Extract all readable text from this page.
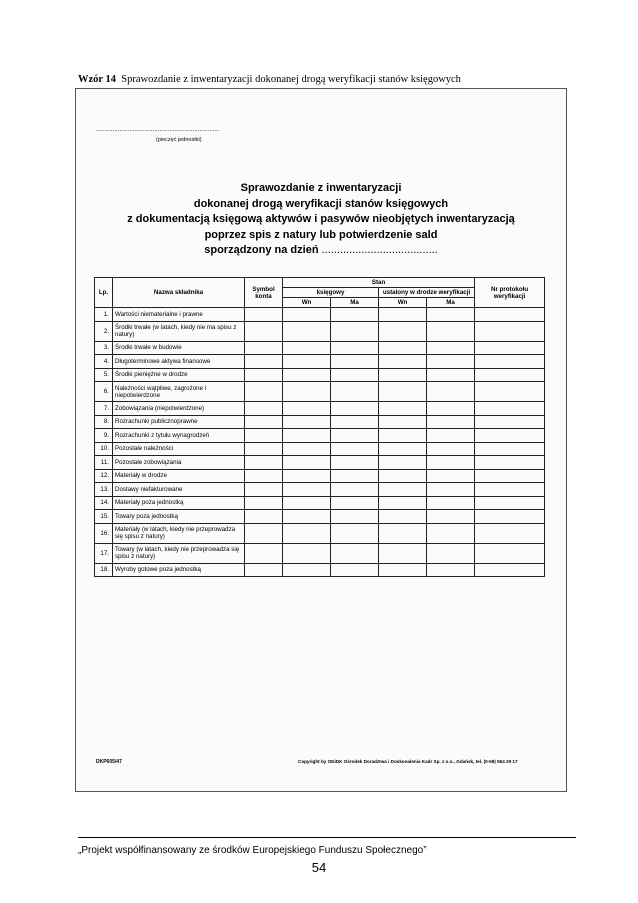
Wzór 14 Sprawozdanie z inwentaryzacji dokonanej drogą weryfikacji stanów księgowych
..........................................................................
(pieczęć jednostki)
Sprawozdanie z inwentaryzacji
dokonanej drogą weryfikacji stanów księgowych
z dokumentacją księgową aktywów i pasywów nieobjętych inwentaryzacją
poprzez spis z natury lub potwierdzenie sald
sporządzony na dzień ......................................
Lp.	Nazwa składnika	Symbol konta	Stan				Nr protokołu weryfikacji
			księgowy		ustalony w drodze weryfikacji		
			Wn	Ma	Wn	Ma	
1.	Wartości niematerialne i prawne						
2.	Środki trwałe (w latach, kiedy nie ma spisu z natury)						
3.	Środki trwałe w budowie						
4.	Długoterminowe aktywa finansowe						
5.	Środki pieniężne w drodze						
6.	Należności wątpliwe, zagrożone i niepotwierdzone						
7.	Zobowiązania (niepotwierdzone)						
8.	Rozrachunki publicznoprawne						
9.	Rozrachunki z tytułu wynagrodzeń						
10.	Pozostałe należności						
11.	Pozostałe zobowiązania						
12.	Materiały w drodze						
13.	Dostawy niefakturowane						
14.	Materiały poza jednostką						
15.	Towary poza jednostką						
16.	Materiały (w latach, kiedy nie przeprowadza się spisu z natury)						
17.	Towary (w latach, kiedy nie przeprowadza się spisu z natury)						
18.	Wyroby gotowe poza jednostką						
DKP605/47	Copyright by ODiDK Ośrodek Doradztwa i Doskonalenia Kadr Sp. z o.o., Gdańsk, tel. (0-58) 554 29 17
„Projekt współfinansowany ze środków Europejskiego Funduszu Społecznego”
54
